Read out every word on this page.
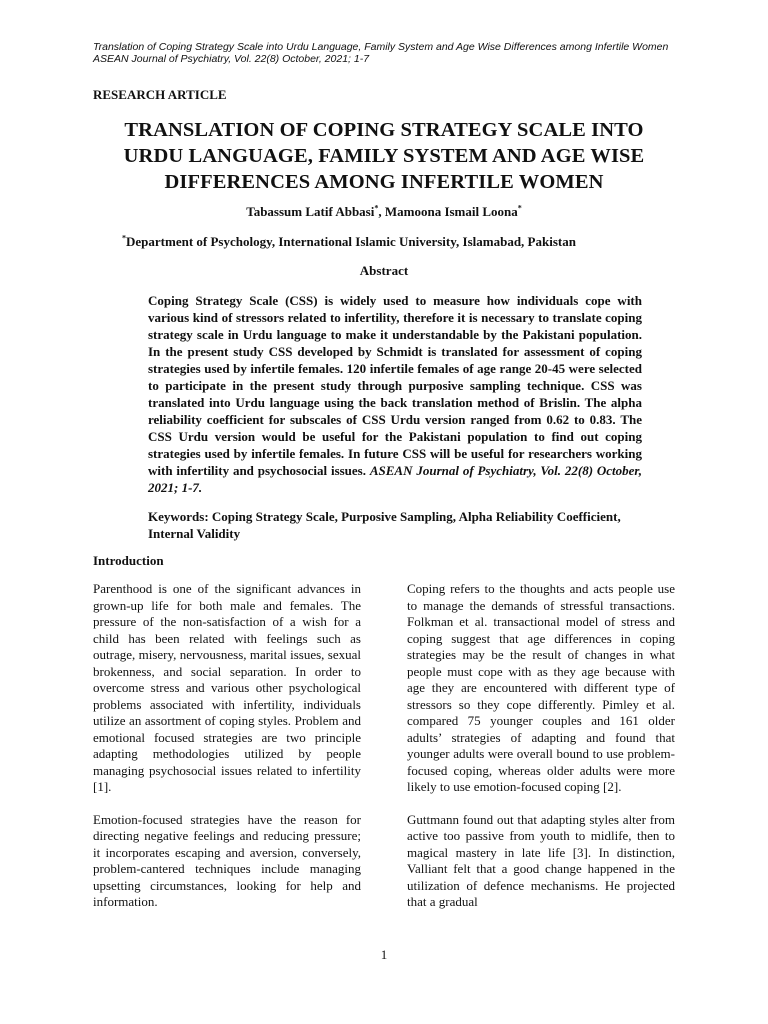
Translation of Coping Strategy Scale into Urdu Language, Family System and Age Wise Differences among Infertile Women
ASEAN Journal of Psychiatry, Vol. 22(8) October, 2021; 1-7
RESEARCH ARTICLE
TRANSLATION OF COPING STRATEGY SCALE INTO URDU LANGUAGE, FAMILY SYSTEM AND AGE WISE DIFFERENCES AMONG INFERTILE WOMEN
Tabassum Latif Abbasi*, Mamoona Ismail Loona*
*Department of Psychology, International Islamic University, Islamabad, Pakistan
Abstract

Coping Strategy Scale (CSS) is widely used to measure how individuals cope with various kind of stressors related to infertility, therefore it is necessary to translate coping strategy scale in Urdu language to make it understandable by the Pakistani population. In the present study CSS developed by Schmidt is translated for assessment of coping strategies used by infertile females. 120 infertile females of age range 20-45 were selected to participate in the present study through purposive sampling technique. CSS was translated into Urdu language using the back translation method of Brislin. The alpha reliability coefficient for subscales of CSS Urdu version ranged from 0.62 to 0.83. The CSS Urdu version would be useful for the Pakistani population to find out coping strategies used by infertile females. In future CSS will be useful for researchers working with infertility and psychosocial issues. ASEAN Journal of Psychiatry, Vol. 22(8) October, 2021; 1-7.

Keywords: Coping Strategy Scale, Purposive Sampling, Alpha Reliability Coefficient, Internal Validity

Introduction

Parenthood is one of the significant advances in grown-up life for both male and females. The pressure of the non-satisfaction of a wish for a child has been related with feelings such as outrage, misery, nervousness, marital issues, sexual brokenness, and social separation. In order to overcome stress and various other psychological problems associated with infertility, individuals utilize an assortment of coping styles. Problem and emotional focused strategies are two principle adapting methodologies utilized by people managing psychosocial issues related to infertility [1].

Emotion-focused strategies have the reason for directing negative feelings and reducing pressure; it incorporates escaping and aversion, conversely, problem-cantered techniques include managing upsetting circumstances, looking for help and information.

Coping refers to the thoughts and acts people use to manage the demands of stressful transactions. Folkman et al. transactional model of stress and coping suggest that age differences in coping strategies may be the result of changes in what people must cope with as they age because with age they are encountered with different type of stressors so they cope differently. Pimley et al. compared 75 younger couples and 161 older adults’ strategies of adapting and found that younger adults were overall bound to use problem-focused coping, whereas older adults were more likely to use emotion-focused coping [2].

Guttmann found out that adapting styles alter from active too passive from youth to midlife, then to magical mastery in late life [3]. In distinction, Valliant felt that a good change happened in the utilization of defence mechanisms. He projected that a gradual

1
